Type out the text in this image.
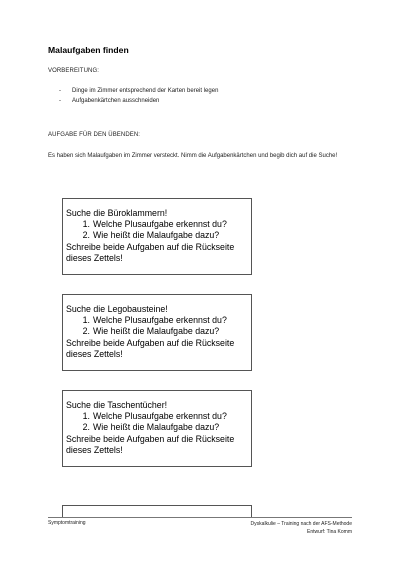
Malaufgaben finden
VORBEREITUNG:
- Dinge im Zimmer entsprechend der Karten bereit legen
- Aufgabenkärtchen ausschneiden
AUFGABE FÜR DEN ÜBENDEN:
Es haben sich Malaufgaben im Zimmer versteckt. Nimm die Aufgabenkärtchen und begib dich auf die Suche!
Suche die Büroklammern!
1. Welche Plusaufgabe erkennst du?
2. Wie heißt die Malaufgabe dazu?
Schreibe beide Aufgaben auf die Rückseite dieses Zettels!
Suche die Legobausteine!
1. Welche Plusaufgabe erkennst du?
2. Wie heißt die Malaufgabe dazu?
Schreibe beide Aufgaben auf die Rückseite dieses Zettels!
Suche die Taschentücher!
1. Welche Plusaufgabe erkennst du?
2. Wie heißt die Malaufgabe dazu?
Schreibe beide Aufgaben auf die Rückseite dieses Zettels!
Symptomtraining	Dyskalkulie – Training nach der AFS-Methode
Entwurf: Tina Komm
